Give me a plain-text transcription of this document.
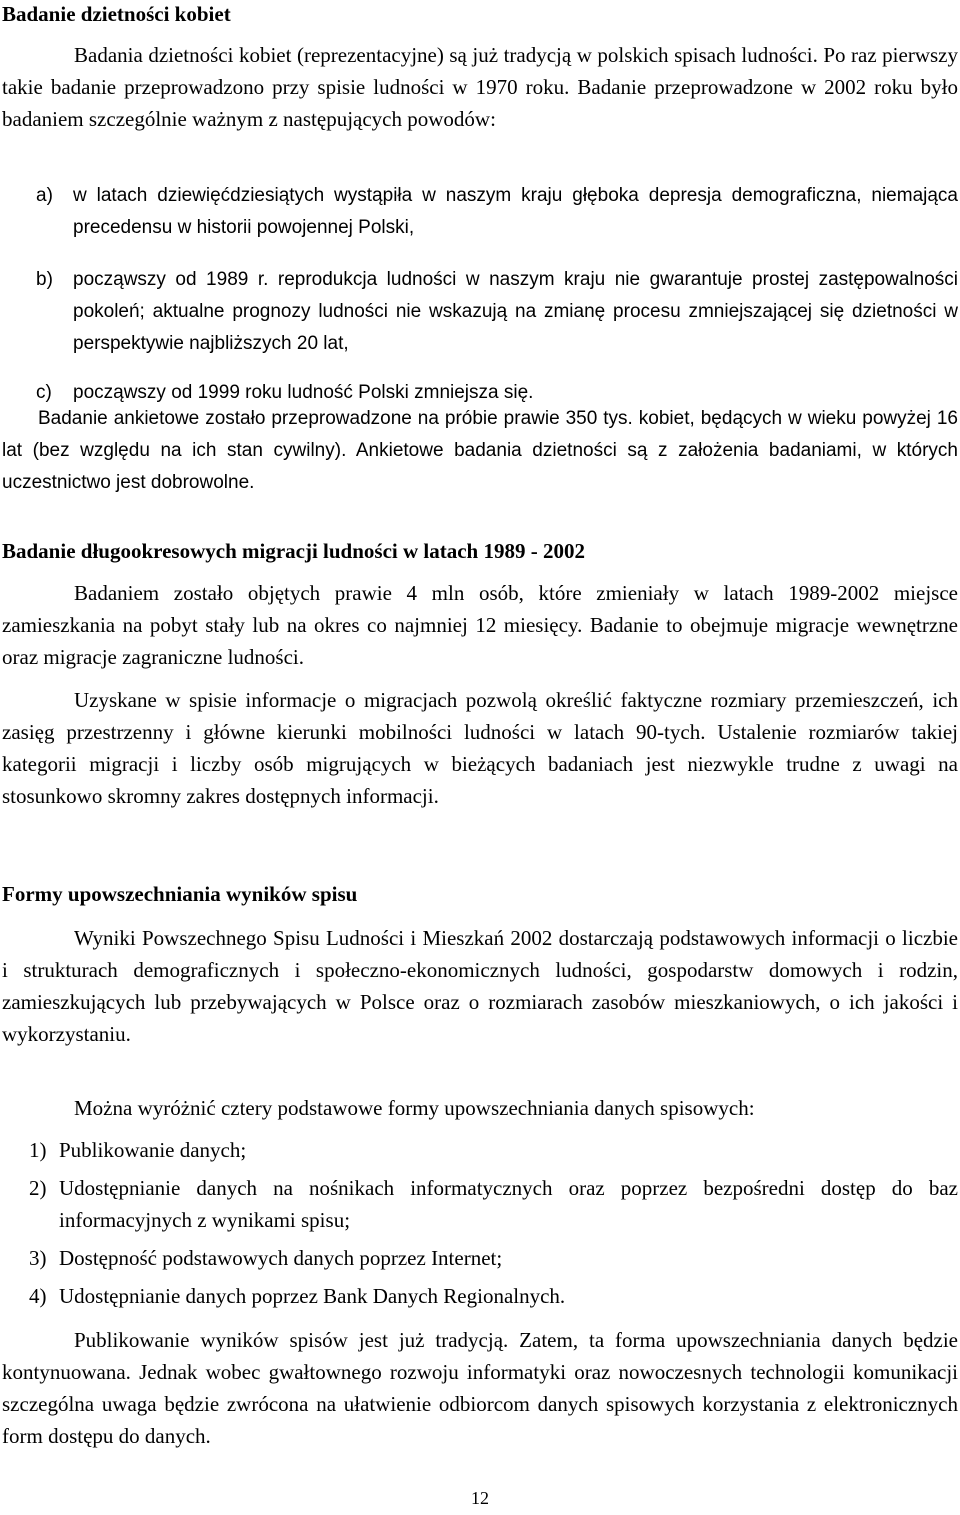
Badanie dzietności kobiet

Badania dzietności kobiet (reprezentacyjne) są już tradycją w polskich spisach ludności. Po raz pierwszy takie badanie przeprowadzono przy spisie ludności w 1970 roku. Badanie przeprowadzone w 2002 roku było badaniem szczególnie ważnym z następujących powodów:

a) w latach dziewięćdziesiątych wystąpiła w naszym kraju głęboka depresja demograficzna, niemająca precedensu w historii powojennej Polski,
b) począwszy od 1989 r. reprodukcja ludności w naszym kraju nie gwarantuje prostej zastępowalności pokoleń; aktualne prognozy ludności nie wskazują na zmianę procesu zmniejszającej się dzietności w perspektywie najbliższych 20 lat,
c) począwszy od 1999 roku ludność Polski zmniejsza się.

Badanie ankietowe zostało przeprowadzone na próbie prawie 350 tys. kobiet, będących w wieku powyżej 16 lat (bez względu na ich stan cywilny). Ankietowe badania dzietności są z założenia badaniami, w których uczestnictwo jest dobrowolne.

Badanie długookresowych migracji ludności w latach 1989 - 2002

Badaniem zostało objętych prawie 4 mln osób, które zmieniały w latach 1989-2002 miejsce zamieszkania na pobyt stały lub na okres co najmniej 12 miesięcy. Badanie to obejmuje migracje wewnętrzne oraz migracje zagraniczne ludności.

Uzyskane w spisie informacje o migracjach pozwolą określić faktyczne rozmiary przemieszczeń, ich zasięg przestrzenny i główne kierunki mobilności ludności w latach 90-tych. Ustalenie rozmiarów takiej kategorii migracji i liczby osób migrujących w bieżących badaniach jest niezwykle trudne z uwagi na stosunkowo skromny zakres dostępnych informacji.

Formy upowszechniania wyników spisu

Wyniki Powszechnego Spisu Ludności i Mieszkań 2002 dostarczają podstawowych informacji o liczbie i strukturach demograficznych i społeczno-ekonomicznych ludności, gospodarstw domowych i rodzin, zamieszkujących lub przebywających w Polsce oraz o rozmiarach zasobów mieszkaniowych, o ich jakości i wykorzystaniu.

Można wyróżnić cztery podstawowe formy upowszechniania danych spisowych:

1) Publikowanie danych;
2) Udostępnianie danych na nośnikach informatycznych oraz poprzez bezpośredni dostęp do baz informacyjnych z wynikami spisu;
3) Dostępność podstawowych danych poprzez Internet;
4) Udostępnianie danych poprzez Bank Danych Regionalnych.

Publikowanie wyników spisów jest już tradycją. Zatem, ta forma upowszechniania danych będzie kontynuowana. Jednak wobec gwałtownego rozwoju informatyki oraz nowoczesnych technologii komunikacji szczególna uwaga będzie zwrócona na ułatwienie odbiorcom danych spisowych korzystania z elektronicznych form dostępu do danych.

12
